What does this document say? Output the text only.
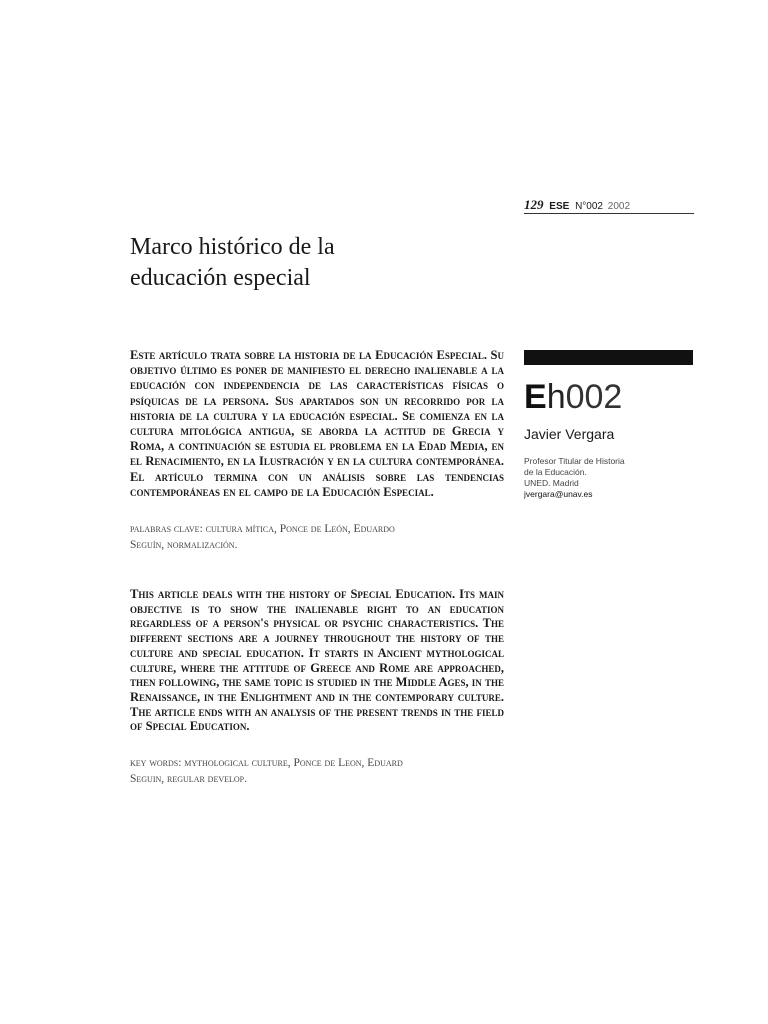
129 ESE N°002 2002
Marco histórico de la
educación especial

Este artículo trata sobre la historia de la Educación Especial. Su objetivo último es poner de manifiesto el derecho inalienable a la educación con independencia de las características físicas o psíquicas de la persona. Sus apartados son un recorrido por la historia de la cultura y la educación especial. Se comienza en la cultura mitológica antigua, se aborda la actitud de Grecia y Roma, a continuación se estudia el problema en la Edad Media, en el Renacimiento, en la Ilustración y en la cultura contemporánea. El artículo termina con un análisis sobre las tendencias contemporáneas en el campo de la Educación Especial.

palabras clave: cultura mítica, Ponce de León, Eduardo
Seguín, normalización.

This article deals with the history of Special Education. Its main objective is to show the inalienable right to an education regardless of a person's physical or psychic characteristics. The different sections are a journey throughout the history of the culture and special education. It starts in Ancient mythological culture, where the attitude of Greece and Rome are approached, then following, the same topic is studied in the Middle Ages, in the Renaissance, in the Enlightment and in the contemporary culture. The article ends with an analysis of the present trends in the field of Special Education.

key words: mythological culture, Ponce de Leon, Eduard
Seguin, regular develop.

Eh002
Javier Vergara
Profesor Titular de Historia
de la Educación.
UNED. Madrid
jvergara@unav.es
